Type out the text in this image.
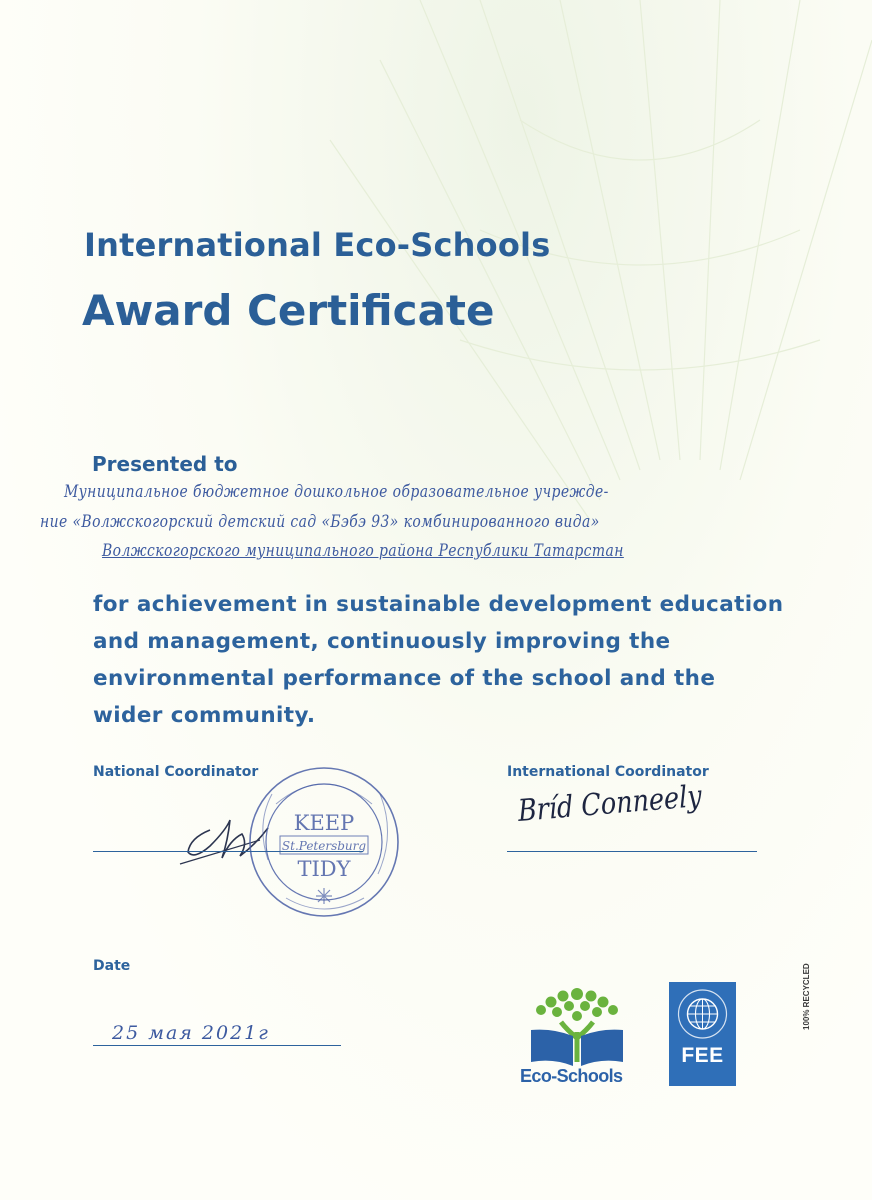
International Eco-Schools
Award Certificate
Presented to
Муниципальное бюджетное дошкольное образовательное учрежде-
ние «Волжскогорский детский сад «Бэбэ 93» комбинированного вида»
Волжскогорского муниципального района Республики Татарстан
for achievement in sustainable development education and management, continuously improving the environmental performance of the school and the wider community.
National Coordinator	International Coordinator
KEEP
St.Petersburg
TIDY
Bríd Conneely
Date
25 мая 2021г
Eco-Schools
FEE
100% RECYCLED
